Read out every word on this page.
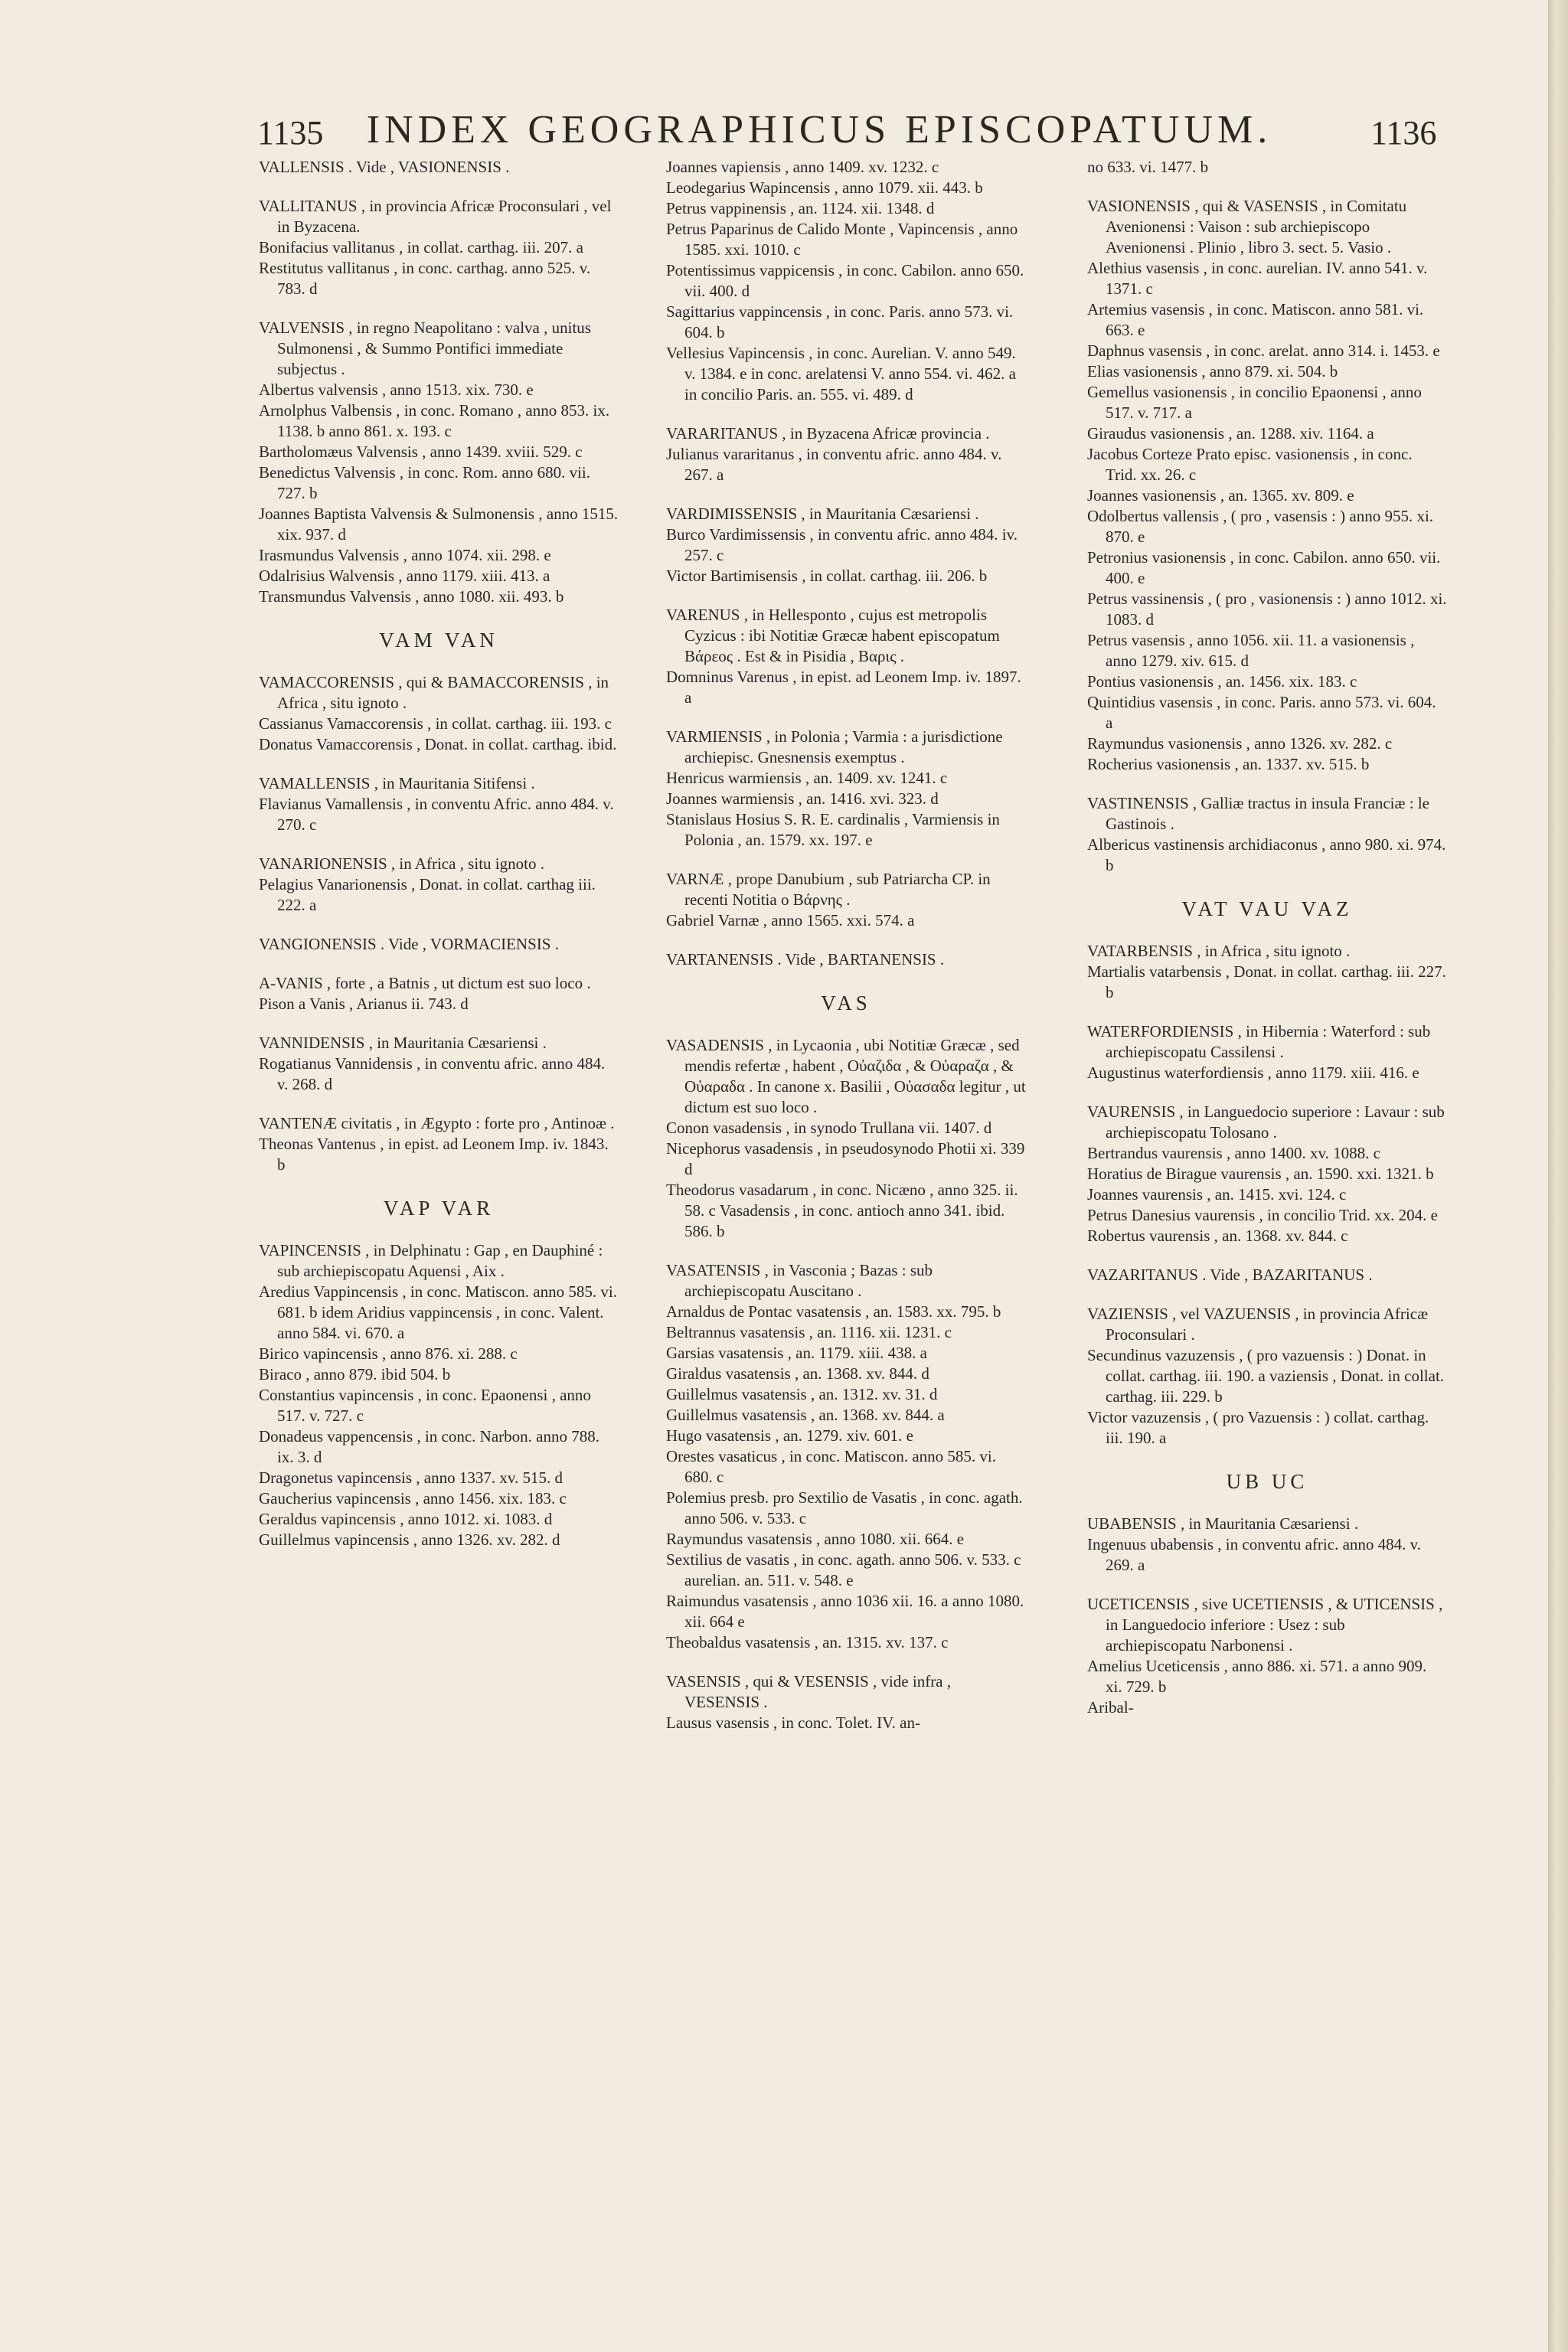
1135	INDEX GEOGRAPHICUS EPISCOPATUUM.	1136
VALLENSIS . Vide , VASIONENSIS .
VALLITANUS , in provincia Africæ Proconsulari , vel in Byzacena.
Bonifacius vallitanus , in collat. carthag. iii. 207. a
Restitutus vallitanus , in conc. carthag. anno 525. v. 783. d
VALVENSIS , in regno Neapolitano : valva , unitus Sulmonensi , & Summo Pontifici immediate subjectus .
Albertus valvensis , anno 1513. xix. 730. e
Arnolphus Valbensis , in conc. Romano , anno 853. ix. 1138. b anno 861. x. 193. c
Bartholomæus Valvensis , anno 1439. xviii. 529. c
Benedictus Valvensis , in conc. Rom. anno 680. vii. 727. b
Joannes Baptista Valvensis & Sulmonensis , anno 1515. xix. 937. d
Irasmundus Valvensis , anno 1074. xii. 298. e
Odalrisius Walvensis , anno 1179. xiii. 413. a
Transmundus Valvensis , anno 1080. xii. 493. b
VAM VAN
VAMACCORENSIS , qui & BAMACCORENSIS , in Africa , situ ignoto .
Cassianus Vamaccorensis , in collat. carthag. iii. 193. c
Donatus Vamaccorensis , Donat. in collat. carthag. ibid.
VAMALLENSIS , in Mauritania Sitifensi .
Flavianus Vamallensis , in conventu Afric. anno 484. v. 270. c
VANARIONENSIS , in Africa , situ ignoto .
Pelagius Vanarionensis , Donat. in collat. carthag iii. 222. a
VANGIONENSIS . Vide , VORMACIENSIS .
A-VANIS , forte , a Batnis , ut dictum est suo loco .
Pison a Vanis , Arianus ii. 743. d
VANNIDENSIS , in Mauritania Cæsariensi .
Rogatianus Vannidensis , in conventu afric. anno 484. v. 268. d
VANTENÆ civitatis , in Ægypto : forte pro , Antinoæ .
Theonas Vantenus , in epist. ad Leonem Imp. iv. 1843. b
VAP VAR
VAPINCENSIS , in Delphinatu : Gap , en Dauphiné : sub archiepiscopatu Aquensi , Aix .
Aredius Vappincensis , in conc. Matiscon. anno 585. vi. 681. b idem Aridius vappincensis , in conc. Valent. anno 584. vi. 670. a
Birico vapincensis , anno 876. xi. 288. c
Biraco , anno 879. ibid 504. b
Constantius vapincensis , in conc. Epaonensi , anno 517. v. 727. c
Donadeus vappencensis , in conc. Narbon. anno 788. ix. 3. d
Dragonetus vapincensis , anno 1337. xv. 515. d
Gaucherius vapincensis , anno 1456. xix. 183. c
Geraldus vapincensis , anno 1012. xi. 1083. d
Guillelmus vapincensis , anno 1326. xv. 282. d
Joannes vapiensis , anno 1409. xv. 1232. c
Leodegarius Wapincensis , anno 1079. xii. 443. b
Petrus vappinensis , an. 1124. xii. 1348. d
Petrus Paparinus de Calido Monte , Vapincensis , anno 1585. xxi. 1010. c
Potentissimus vappicensis , in conc. Cabilon. anno 650. vii. 400. d
Sagittarius vappincensis , in conc. Paris. anno 573. vi. 604. b
Vellesius Vapincensis , in conc. Aurelian. V. anno 549. v. 1384. e in conc. arelatensi V. anno 554. vi. 462. a in concilio Paris. an. 555. vi. 489. d
VARARITANUS , in Byzacena Africæ provincia .
Julianus vararitanus , in conventu afric. anno 484. v. 267. a
VARDIMISSENSIS , in Mauritania Cæsariensi .
Burco Vardimissensis , in conventu afric. anno 484. iv. 257. c
Victor Bartimisensis , in collat. carthag. iii. 206. b
VARENUS , in Hellesponto , cujus est metropolis Cyzicus : ibi Notitiæ Græcæ habent episcopatum Βάρεος . Est & in Pisidia , Βαρις .
Domninus Varenus , in epist. ad Leonem Imp. iv. 1897. a
VARMIENSIS , in Polonia ; Varmia : a jurisdictione archiepisc. Gnesnensis exemptus .
Henricus warmiensis , an. 1409. xv. 1241. c
Joannes warmiensis , an. 1416. xvi. 323. d
Stanislaus Hosius S. R. E. cardinalis , Varmiensis in Polonia , an. 1579. xx. 197. e
VARNÆ , prope Danubium , sub Patriarcha CP. in recenti Notitia ο Βάρνης .
Gabriel Varnæ , anno 1565. xxi. 574. a
VARTANENSIS . Vide , BARTANENSIS .
VAS
VASADENSIS , in Lycaonia , ubi Notitiæ Græcæ , sed mendis refertæ , habent , Οὐαζιδα , & Οὐαραζα , & Οὐαραδα . In canone x. Basilii , Οὐασαδα legitur , ut dictum est suo loco .
Conon vasadensis , in synodo Trullana vii. 1407. d
Nicephorus vasadensis , in pseudosynodo Photii xi. 339 d
Theodorus vasadarum , in conc. Nicæno , anno 325. ii. 58. c Vasadensis , in conc. antioch anno 341. ibid. 586. b
VASATENSIS , in Vasconia ; Bazas : sub archiepiscopatu Auscitano .
Arnaldus de Pontac vasatensis , an. 1583. xx. 795. b
Beltrannus vasatensis , an. 1116. xii. 1231. c
Garsias vasatensis , an. 1179. xiii. 438. a
Giraldus vasatensis , an. 1368. xv. 844. d
Guillelmus vasatensis , an. 1312. xv. 31. d
Guillelmus vasatensis , an. 1368. xv. 844. a
Hugo vasatensis , an. 1279. xiv. 601. e
Orestes vasaticus , in conc. Matiscon. anno 585. vi. 680. c
Polemius presb. pro Sextilio de Vasatis , in conc. agath. anno 506. v. 533. c
Raymundus vasatensis , anno 1080. xii. 664. e
Sextilius de vasatis , in conc. agath. anno 506. v. 533. c aurelian. an. 511. v. 548. e
Raimundus vasatensis , anno 1036 xii. 16. a anno 1080. xii. 664 e
Theobaldus vasatensis , an. 1315. xv. 137. c
VASENSIS , qui & VESENSIS , vide infra , VESENSIS .
Lausus vasensis , in conc. Tolet. IV. an-
no 633. vi. 1477. b
VASIONENSIS , qui & VASENSIS , in Comitatu Avenionensi : Vaison : sub archiepiscopo Avenionensi . Plinio , libro 3. sect. 5. Vasio .
Alethius vasensis , in conc. aurelian. IV. anno 541. v. 1371. c
Artemius vasensis , in conc. Matiscon. anno 581. vi. 663. e
Daphnus vasensis , in conc. arelat. anno 314. i. 1453. e
Elias vasionensis , anno 879. xi. 504. b
Gemellus vasionensis , in concilio Epaonensi , anno 517. v. 717. a
Giraudus vasionensis , an. 1288. xiv. 1164. a
Jacobus Corteze Prato episc. vasionensis , in conc. Trid. xx. 26. c
Joannes vasionensis , an. 1365. xv. 809. e
Odolbertus vallensis , ( pro , vasensis : ) anno 955. xi. 870. e
Petronius vasionensis , in conc. Cabilon. anno 650. vii. 400. e
Petrus vassinensis , ( pro , vasionensis : ) anno 1012. xi. 1083. d
Petrus vasensis , anno 1056. xii. 11. a vasionensis , anno 1279. xiv. 615. d
Pontius vasionensis , an. 1456. xix. 183. c
Quintidius vasensis , in conc. Paris. anno 573. vi. 604. a
Raymundus vasionensis , anno 1326. xv. 282. c
Rocherius vasionensis , an. 1337. xv. 515. b
VASTINENSIS , Galliæ tractus in insula Franciæ : le Gastinois .
Albericus vastinensis archidiaconus , anno 980. xi. 974. b
VAT VAU VAZ
VATARBENSIS , in Africa , situ ignoto .
Martialis vatarbensis , Donat. in collat. carthag. iii. 227. b
WATERFORDIENSIS , in Hibernia : Waterford : sub archiepiscopatu Cassilensi .
Augustinus waterfordiensis , anno 1179. xiii. 416. e
VAURENSIS , in Languedocio superiore : Lavaur : sub archiepiscopatu Tolosano .
Bertrandus vaurensis , anno 1400. xv. 1088. c
Horatius de Birague vaurensis , an. 1590. xxi. 1321. b
Joannes vaurensis , an. 1415. xvi. 124. c
Petrus Danesius vaurensis , in concilio Trid. xx. 204. e
Robertus vaurensis , an. 1368. xv. 844. c
VAZARITANUS . Vide , BAZARITANUS .
VAZIENSIS , vel VAZUENSIS , in provincia Africæ Proconsulari .
Secundinus vazuzensis , ( pro vazuensis : ) Donat. in collat. carthag. iii. 190. a vaziensis , Donat. in collat. carthag. iii. 229. b
Victor vazuzensis , ( pro Vazuensis : ) collat. carthag. iii. 190. a
UB UC
UBABENSIS , in Mauritania Cæsariensi .
Ingenuus ubabensis , in conventu afric. anno 484. v. 269. a
UCETICENSIS , sive UCETIENSIS , & UTICENSIS , in Languedocio inferiore : Usez : sub archiepiscopatu Narbonensi .
Amelius Uceticensis , anno 886. xi. 571. a anno 909. xi. 729. b
Aribal-
